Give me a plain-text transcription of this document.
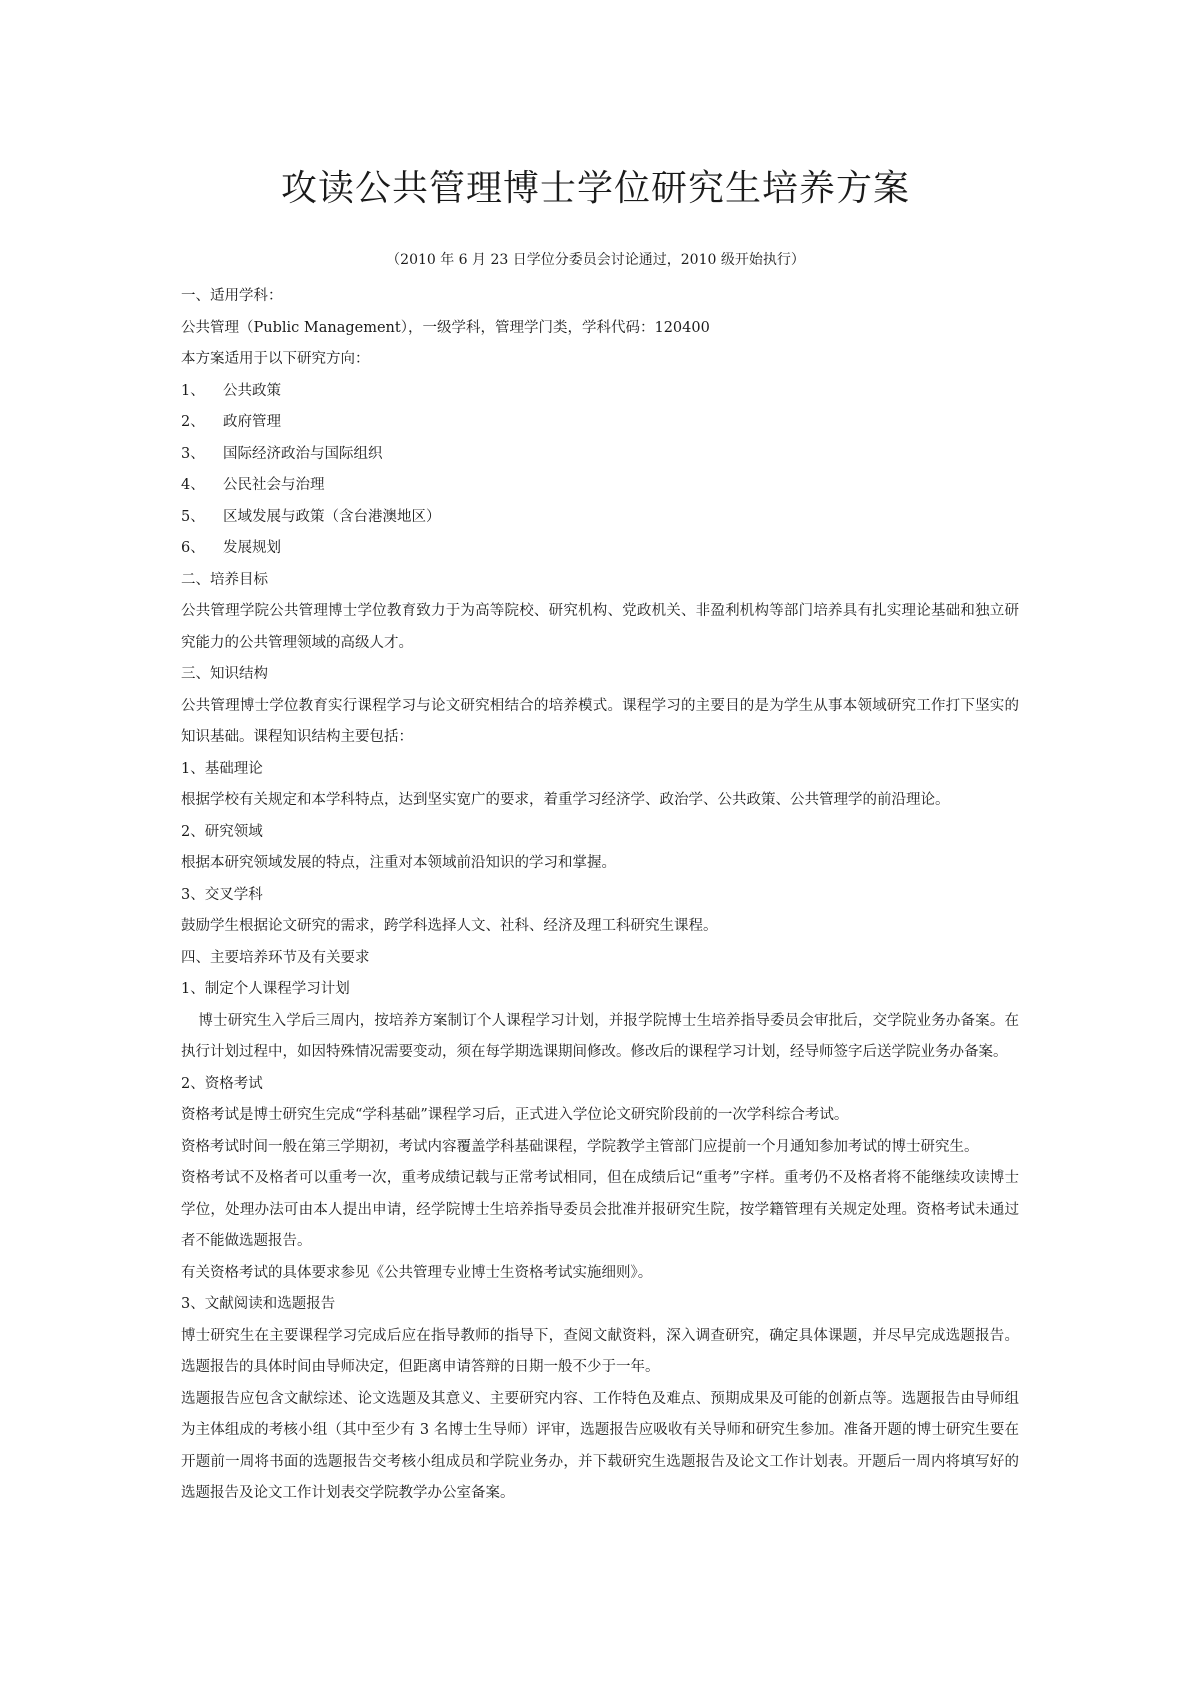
攻读公共管理博士学位研究生培养方案
（2010 年 6 月 23 日学位分委员会讨论通过，2010 级开始执行）

一、适用学科：

公共管理（Public Management），一级学科，管理学门类，学科代码：120400

本方案适用于以下研究方向：

1、 公共政策

2、 政府管理

3、 国际经济政治与国际组织

4、 公民社会与治理

5、 区域发展与政策（含台港澳地区）

6、 发展规划

二、培养目标

公共管理学院公共管理博士学位教育致力于为高等院校、研究机构、党政机关、非盈利机构等部门培养具有扎实理论基础和独立研究能力的公共管理领域的高级人才。

三、知识结构

公共管理博士学位教育实行课程学习与论文研究相结合的培养模式。课程学习的主要目的是为学生从事本领域研究工作打下坚实的知识基础。课程知识结构主要包括：

1、基础理论

根据学校有关规定和本学科特点，达到坚实宽广的要求，着重学习经济学、政治学、公共政策、公共管理学的前沿理论。

2、研究领域

根据本研究领域发展的特点，注重对本领域前沿知识的学习和掌握。

3、交叉学科

鼓励学生根据论文研究的需求，跨学科选择人文、社科、经济及理工科研究生课程。

四、主要培养环节及有关要求

1、制定个人课程学习计划

博士研究生入学后三周内，按培养方案制订个人课程学习计划，并报学院博士生培养指导委员会审批后，交学院业务办备案。在执行计划过程中，如因特殊情况需要变动，须在每学期选课期间修改。修改后的课程学习计划，经导师签字后送学院业务办备案。

2、资格考试

资格考试是博士研究生完成“学科基础”课程学习后，正式进入学位论文研究阶段前的一次学科综合考试。

资格考试时间一般在第三学期初，考试内容覆盖学科基础课程，学院教学主管部门应提前一个月通知参加考试的博士研究生。

资格考试不及格者可以重考一次，重考成绩记载与正常考试相同，但在成绩后记“重考”字样。重考仍不及格者将不能继续攻读博士学位，处理办法可由本人提出申请，经学院博士生培养指导委员会批准并报研究生院，按学籍管理有关规定处理。资格考试未通过者不能做选题报告。

有关资格考试的具体要求参见《公共管理专业博士生资格考试实施细则》。

3、文献阅读和选题报告

博士研究生在主要课程学习完成后应在指导教师的指导下，查阅文献资料，深入调查研究，确定具体课题，并尽早完成选题报告。选题报告的具体时间由导师决定，但距离申请答辩的日期一般不少于一年。

选题报告应包含文献综述、论文选题及其意义、主要研究内容、工作特色及难点、预期成果及可能的创新点等。选题报告由导师组为主体组成的考核小组（其中至少有 3 名博士生导师）评审，选题报告应吸收有关导师和研究生参加。准备开题的博士研究生要在开题前一周将书面的选题报告交考核小组成员和学院业务办，并下载研究生选题报告及论文工作计划表。开题后一周内将填写好的选题报告及论文工作计划表交学院教学办公室备案。
